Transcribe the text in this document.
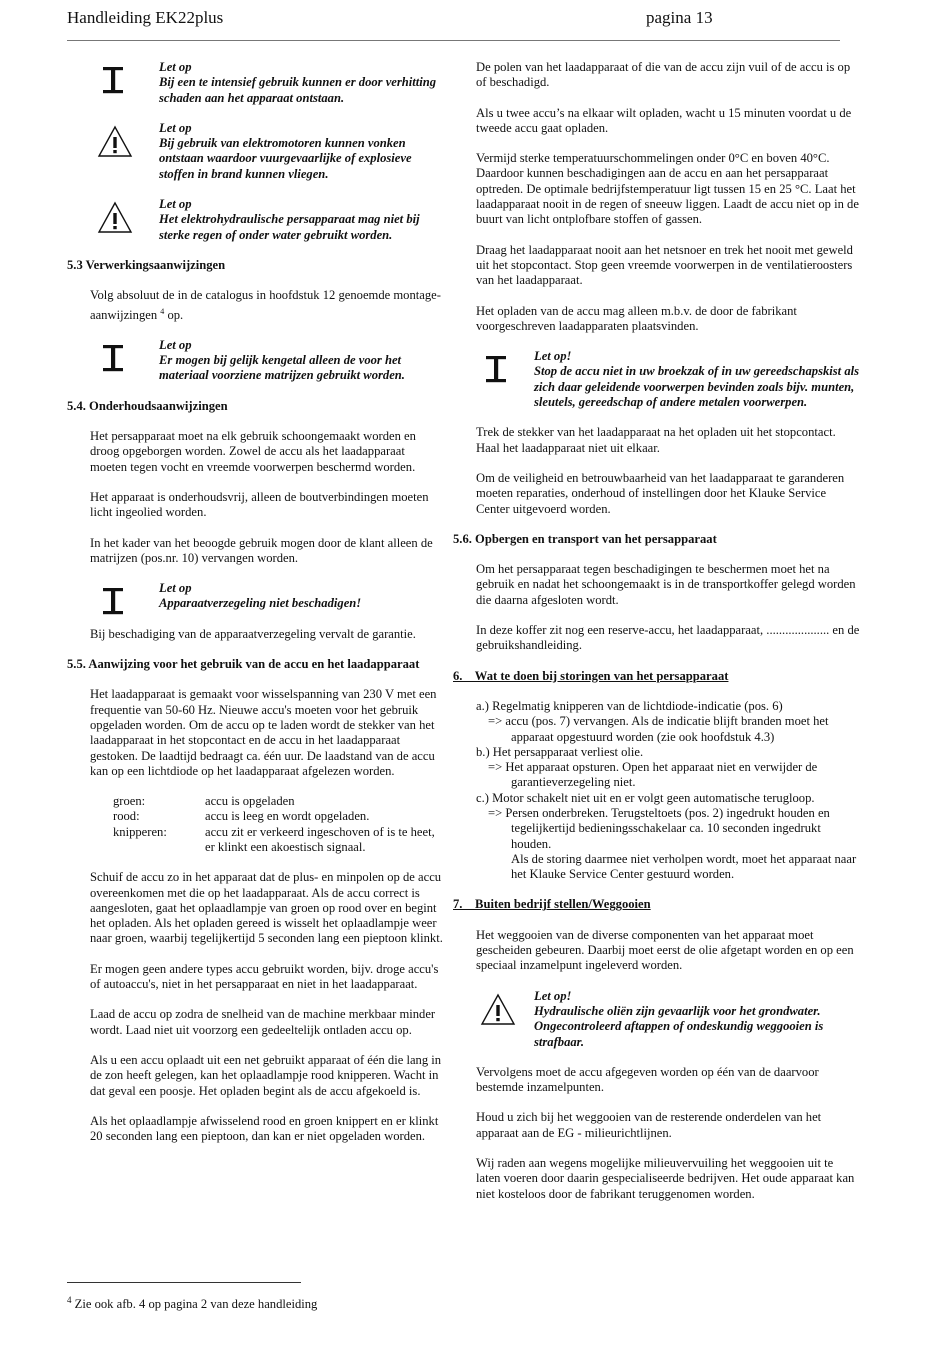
Handleiding EK22plus	pagina 13
Let op
Bij een te intensief gebruik kunnen er door verhitting schaden aan het apparaat ontstaan.
Let op
Bij gebruik van elektromotoren kunnen vonken ontstaan waardoor vuurgevaarlijke of explosieve stoffen in brand kunnen vliegen.
Let op
Het elektrohydraulische persapparaat mag niet bij sterke regen of onder water gebruikt worden.
5.3 Verwerkingsaanwijzingen

Volg absoluut de in de catalogus in hoofdstuk 12 genoemde montage-aanwijzingen $^4$ op.

Let op
Er mogen bij gelijk kengetal alleen de voor het materiaal voorziene matrijzen gebruikt worden.
5.4. Onderhoudsaanwijzingen

Het persapparaat moet na elk gebruik schoongemaakt worden en droog opgeborgen worden. Zowel de accu als het laadapparaat moeten tegen vocht en vreemde voorwerpen beschermd worden.

Het apparaat is onderhoudsvrij, alleen de boutverbindingen moeten licht ingeolied worden.

In het kader van het beoogde gebruik mogen door de klant alleen de matrijzen (pos.nr. 10) vervangen worden.

Let op
Apparaatverzegeling niet beschadigen!

Bij beschadiging van de apparaatverzegeling vervalt de garantie.

5.5. Aanwijzing voor het gebruik van de accu en het laadapparaat

Het laadapparaat is gemaakt voor wisselspanning van 230 V met een frequentie van 50-60 Hz. Nieuwe accu's moeten voor het gebruik opgeladen worden. Om de accu op te laden wordt de stekker van het laadapparaat in het stopcontact en de accu in het laadapparaat gestoken. De laadtijd bedraagt ca. één uur. De laadstand van de accu kan op een lichtdiode op het laadapparaat afgelezen worden.

groen:	accu is opgeladen
rood:	accu is leeg en wordt opgeladen.
knipperen:	accu zit er verkeerd ingeschoven of is te heet, er klinkt een akoestisch signaal.

Schuif de accu zo in het apparaat dat de plus- en minpolen op de accu overeenkomen met die op het laadapparaat. Als de accu correct is aangesloten, gaat het oplaadlampje van groen op rood over en begint het opladen. Als het opladen gereed is wisselt het oplaadlampje weer naar groen, waarbij tegelijkertijd 5 seconden lang een pieptoon klinkt.

Er mogen geen andere types accu gebruikt worden, bijv. droge accu's of autoaccu's, niet in het persapparaat en niet in het laadapparaat.

Laad de accu op zodra de snelheid van de machine merkbaar minder wordt. Laad niet uit voorzorg een gedeeltelijk ontladen accu op.

Als u een accu oplaadt uit een net gebruikt apparaat of één die lang in de zon heeft gelegen, kan het oplaadlampje rood knipperen. Wacht in dat geval een poosje. Het opladen begint als de accu afgekoeld is.

Als het oplaadlampje afwisselend rood en groen knippert en er klinkt 20 seconden lang een pieptoon, dan kan er niet opgeladen worden.

De polen van het laadapparaat of die van de accu zijn vuil of de accu is op of beschadigd.

Als u twee accu’s na elkaar wilt opladen, wacht u 15 minuten voordat u de tweede accu gaat opladen.

Vermijd sterke temperatuurschommelingen onder 0°C en boven 40°C. Daardoor kunnen beschadigingen aan de accu en aan het persapparaat optreden. De optimale bedrijfstemperatuur ligt tussen 15 en 25 °C. Laat het laadapparaat nooit in de regen of sneeuw liggen. Laadt de accu niet op in de buurt van licht ontplofbare stoffen of gassen.

Draag het laadapparaat nooit aan het netsnoer en trek het nooit met geweld uit het stopcontact. Stop geen vreemde voorwerpen in de ventilatieroosters van het laadapparaat.

Het opladen van de accu mag alleen m.b.v. de door de fabrikant voorgeschreven laadapparaten plaatsvinden.

Let op!
Stop de accu niet in uw broekzak of in uw gereedschapskist als zich daar geleidende voorwerpen bevinden zoals bijv. munten, sleutels, gereedschap of andere metalen voorwerpen.

Trek de stekker van het laadapparaat na het opladen uit het stopcontact. Haal het laadapparaat niet uit elkaar.

Om de veiligheid en betrouwbaarheid van het laadapparaat te garanderen moeten reparaties, onderhoud of instellingen door het Klauke Service Center uitgevoerd worden.

5.6. Opbergen en transport van het persapparaat

Om het persapparaat tegen beschadigingen te beschermen moet het na gebruik en nadat het schoongemaakt is in de transportkoffer gelegd worden die daarna afgesloten wordt.

In deze koffer zit nog een reserve-accu, het laadapparaat, .................... en de gebruikshandleiding.

6.    Wat te doen bij storingen van het persapparaat
a.) Regelmatig knipperen van de lichtdiode-indicatie (pos. 6)
=> accu (pos. 7) vervangen. Als de indicatie blijft branden moet het
apparaat opgestuurd worden (zie ook hoofdstuk 4.3)
b.) Het persapparaat verliest olie.
=> Het apparaat opsturen. Open het apparaat niet en verwijder de
garantieverzegeling niet.
c.) Motor schakelt niet uit en er volgt geen automatische terugloop.
=> Persen onderbreken. Terugsteltoets (pos. 2) ingedrukt houden en
tegelijkertijd bedieningsschakelaar ca. 10 seconden ingedrukt houden.
Als de storing daarmee niet verholpen wordt, moet het apparaat naar
het Klauke Service Center gestuurd worden.
7.    Buiten bedrijf stellen/Weggooien

Het weggooien van de diverse componenten van het apparaat moet gescheiden gebeuren. Daarbij moet eerst de olie afgetapt worden en op een speciaal inzamelpunt ingeleverd worden.

Let op!
Hydraulische oliën zijn gevaarlijk voor het grondwater. Ongecontroleerd aftappen of ondeskundig weggooien is strafbaar.

Vervolgens moet de accu afgegeven worden op één van de daarvoor bestemde inzamelpunten.

Houd u zich bij het weggooien van de resterende onderdelen van het apparaat aan de EG - milieurichtlijnen.

Wij raden aan wegens mogelijke milieuvervuiling het weggooien uit te laten voeren door daarin gespecialiseerde bedrijven. Het oude apparaat kan niet kosteloos door de fabrikant teruggenomen worden.

$^4$ Zie ook afb. 4 op pagina 2 van deze handleiding
